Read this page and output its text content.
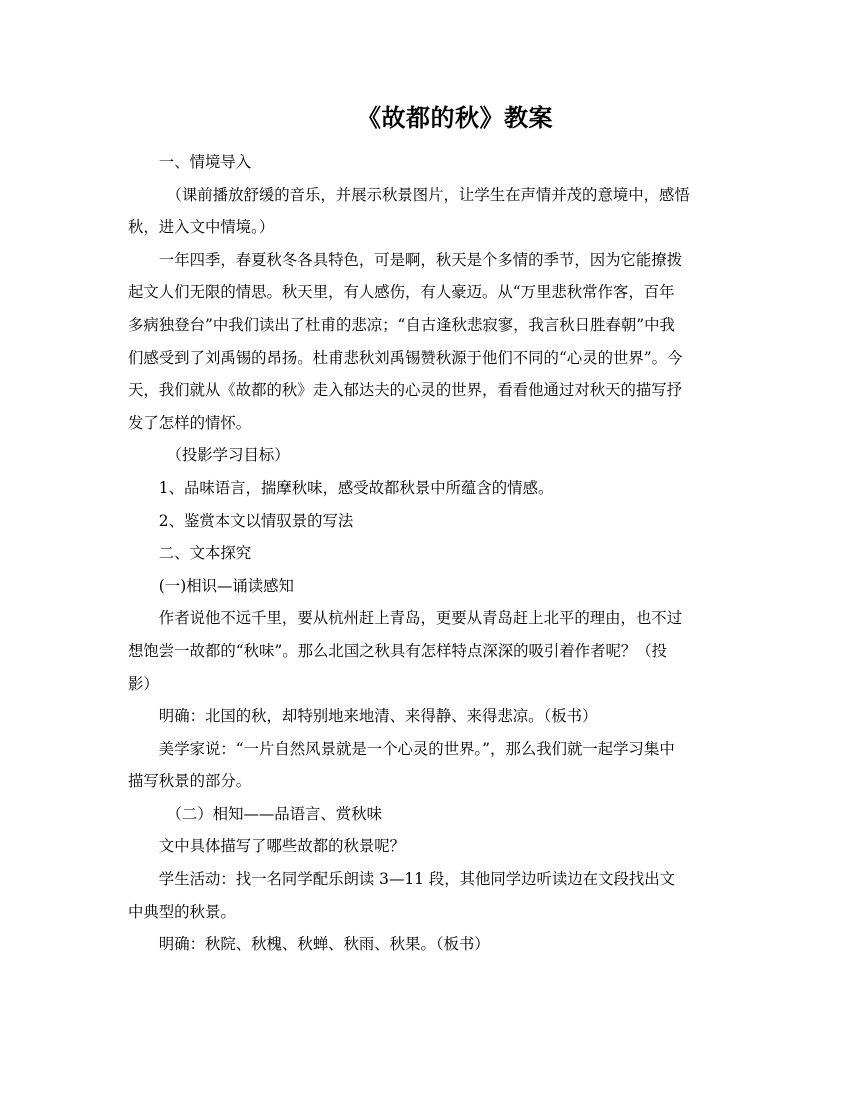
《故都的秋》教案
一、情境导入
（课前播放舒缓的音乐，并展示秋景图片，让学生在声情并茂的意境中，感悟
秋，进入文中情境。）
一年四季，春夏秋冬各具特色，可是啊，秋天是个多情的季节，因为它能撩拨
起文人们无限的情思。秋天里，有人感伤，有人豪迈。从“万里悲秋常作客，百年
多病独登台”中我们读出了杜甫的悲凉；“自古逢秋悲寂寥，我言秋日胜春朝”中我
们感受到了刘禹锡的昂扬。杜甫悲秋刘禹锡赞秋源于他们不同的“心灵的世界”。今
天，我们就从《故都的秋》走入郁达夫的心灵的世界，看看他通过对秋天的描写抒
发了怎样的情怀。
（投影学习目标）
1、品味语言，揣摩秋味，感受故都秋景中所蕴含的情感。
2、鉴赏本文以情驭景的写法
二、文本探究
(一)相识—诵读感知
作者说他不远千里，要从杭州赶上青岛，更要从青岛赶上北平的理由，也不过
想饱尝一故都的“秋味”。那么北国之秋具有怎样特点深深的吸引着作者呢？（投
影）
明确：北国的秋，却特别地来地清、来得静、来得悲凉。（板书）
美学家说：“一片自然风景就是一个心灵的世界。”，那么我们就一起学习集中
描写秋景的部分。
（二）相知——品语言、赏秋味
文中具体描写了哪些故都的秋景呢？
学生活动：找一名同学配乐朗读 3—11 段，其他同学边听读边在文段找出文
中典型的秋景。
明确：秋院、秋槐、秋蝉、秋雨、秋果。（板书）
